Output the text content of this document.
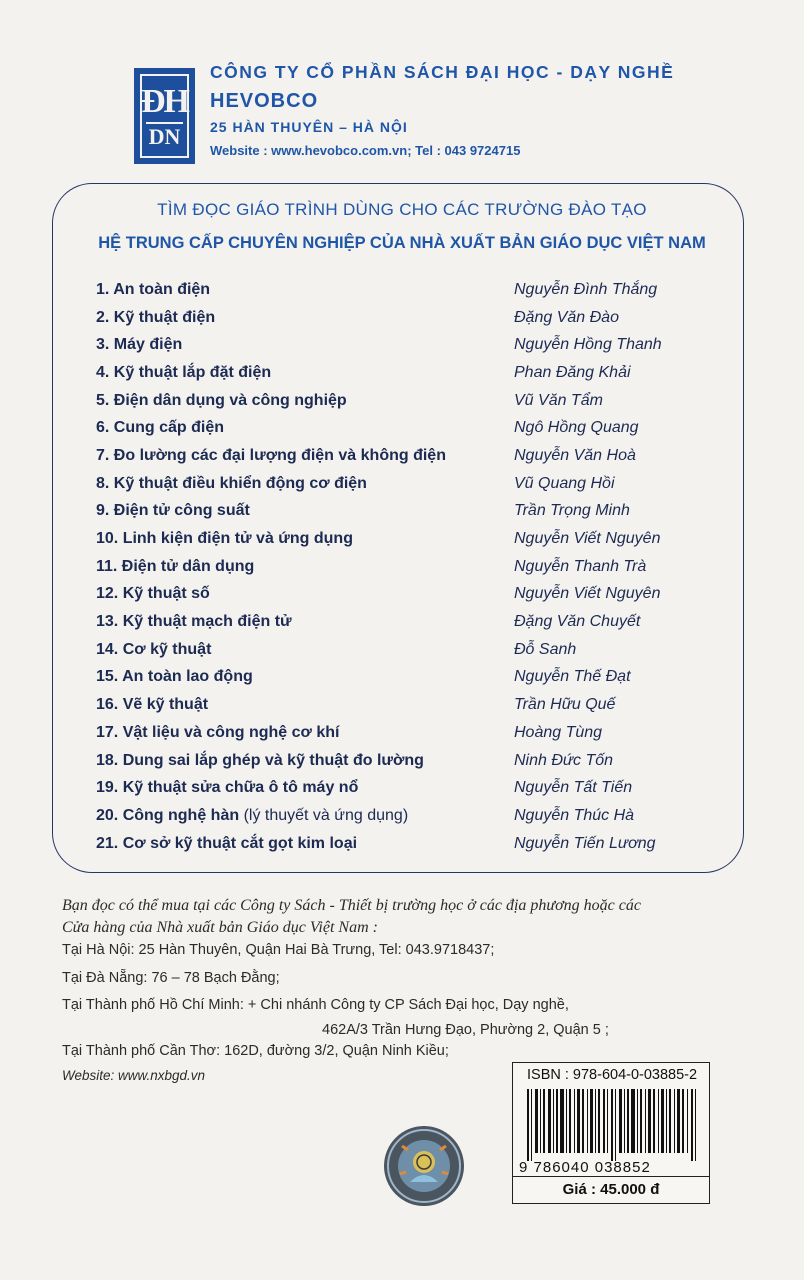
ĐH
DN
CÔNG TY CỔ PHẦN SÁCH ĐẠI HỌC - DẠY NGHỀ
HEVOBCO
25 HÀN THUYÊN – HÀ NỘI
Website : www.hevobco.com.vn; Tel : 043 9724715
TÌM ĐỌC GIÁO TRÌNH DÙNG CHO CÁC TRƯỜNG ĐÀO TẠO
HỆ TRUNG CẤP CHUYÊN NGHIỆP CỦA NHÀ XUẤT BẢN GIÁO DỤC VIỆT NAM
1. An toàn điện	Nguyễn Đình Thắng
2. Kỹ thuật điện	Đặng Văn Đào
3. Máy điện	Nguyễn Hồng Thanh
4. Kỹ thuật lắp đặt điện	Phan Đăng Khải
5. Điện dân dụng và công nghiệp	Vũ Văn Tẩm
6. Cung cấp điện	Ngô Hồng Quang
7. Đo lường các đại lượng điện và không điện	Nguyễn Văn Hoà
8. Kỹ thuật điều khiển động cơ điện	Vũ Quang Hồi
9. Điện tử công suất	Trần Trọng Minh
10. Linh kiện điện tử và ứng dụng	Nguyễn Viết Nguyên
11. Điện tử dân dụng	Nguyễn Thanh Trà
12. Kỹ thuật số	Nguyễn Viết Nguyên
13. Kỹ thuật mạch điện tử	Đặng Văn Chuyết
14. Cơ kỹ thuật	Đỗ Sanh
15. An toàn lao động	Nguyễn Thế Đạt
16. Vẽ kỹ thuật	Trần Hữu Quế
17. Vật liệu và công nghệ cơ khí	Hoàng Tùng
18. Dung sai lắp ghép và kỹ thuật đo lường	Ninh Đức Tốn
19. Kỹ thuật sửa chữa ô tô máy nổ	Nguyễn Tất Tiến
20. Công nghệ hàn (lý thuyết và ứng dụng)	Nguyễn Thúc Hà
21. Cơ sở kỹ thuật cắt gọt kim loại	Nguyễn Tiến Lương
Bạn đọc có thể mua tại các Công ty Sách - Thiết bị trường học ở các địa phương hoặc các Cửa hàng của Nhà xuất bản Giáo dục Việt Nam :
Tại Hà Nội: 25 Hàn Thuyên, Quận Hai Bà Trưng, Tel: 043.9718437;
Tại Đà Nẵng: 76 – 78 Bạch Đằng;
Tại Thành phố Hồ Chí Minh: + Chi nhánh Công ty CP Sách Đại học, Dạy nghề,
462A/3 Trần Hưng Đạo, Phường 2, Quận 5 ;
Tại Thành phố Cần Thơ: 162D, đường 3/2, Quận Ninh Kiều;
Website: www.nxbgd.vn	ISBN : 978-604-0-03885-2
9 786040 038852
Giá : 45.000 đ
